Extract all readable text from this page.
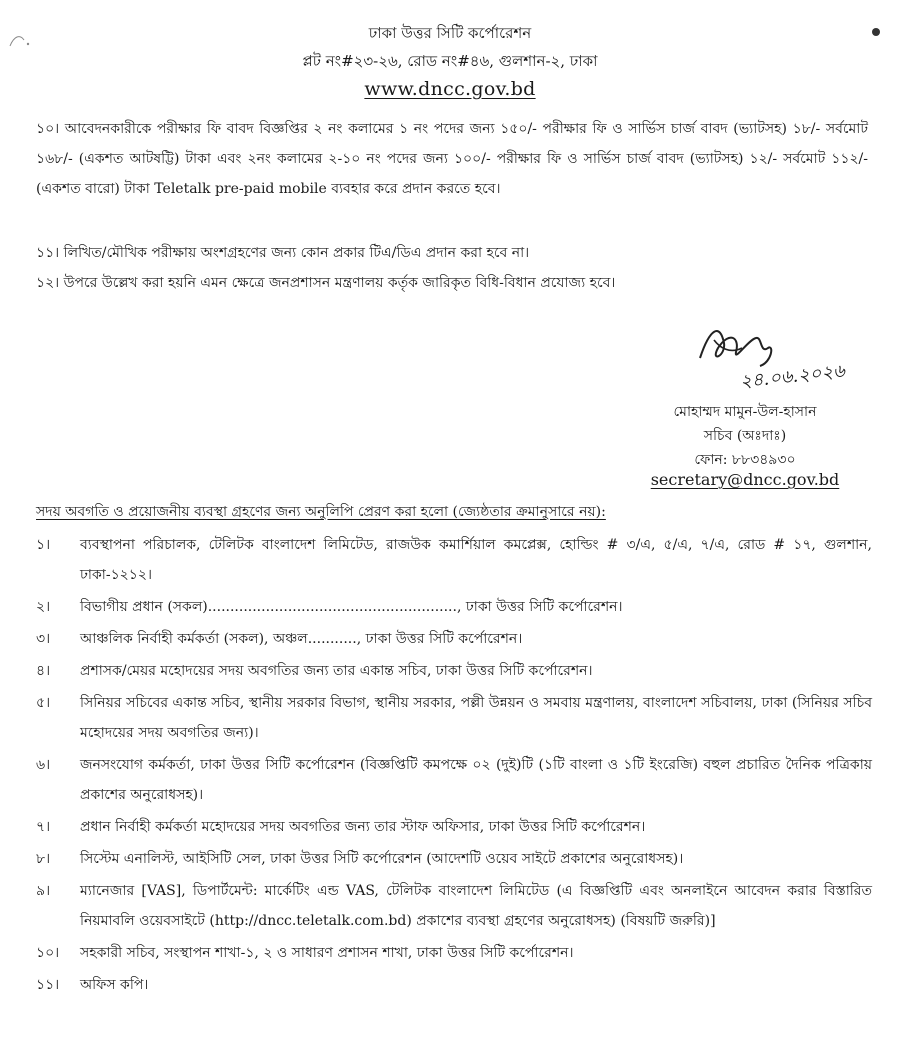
ঢাকা উত্তর সিটি কর্পোরেশন
প্লট নং#২৩-২৬, রোড নং#৪৬, গুলশান-২, ঢাকা
www.dncc.gov.bd
১০। আবেদনকারীকে পরীক্ষার ফি বাবদ বিজ্ঞপ্তির ২ নং কলামের ১ নং পদের জন্য ১৫০/- পরীক্ষার ফি ও সার্ভিস চার্জ বাবদ (ভ্যাটসহ) ১৮/- সর্বমোট ১৬৮/- (একশত আটষট্টি) টাকা এবং ২নং কলামের ২-১০ নং পদের জন্য ১০০/- পরীক্ষার ফি ও সার্ভিস চার্জ বাবদ (ভ্যাটসহ) ১২/- সর্বমোট ১১২/- (একশত বারো) টাকা Teletalk pre-paid mobile ব্যবহার করে প্রদান করতে হবে।
১১। লিখিত/মৌখিক পরীক্ষায় অংশগ্রহণের জন্য কোন প্রকার টিএ/ডিএ প্রদান করা হবে না।
১২। উপরে উল্লেখ করা হয়নি এমন ক্ষেত্রে জনপ্রশাসন মন্ত্রণালয় কর্তৃক জারিকৃত বিধি-বিধান প্রযোজ্য হবে।
২৪.০৬.২০২৬
মোহাম্মদ মামুন-উল-হাসান
সচিব (অঃদাঃ)
ফোন: ৮৮৩৪৯৩০
secretary@dncc.gov.bd
সদয় অবগতি ও প্রয়োজনীয় ব্যবস্থা গ্রহণের জন্য অনুলিপি প্রেরণ করা হলো (জ্যেষ্ঠতার ক্রমানুসারে নয়):
১।	ব্যবস্থাপনা পরিচালক, টেলিটক বাংলাদেশ লিমিটেড, রাজউক কমার্শিয়াল কমপ্লেক্স, হোল্ডিং # ৩/এ, ৫/এ, ৭/এ, রোড # ১৭, গুলশান, ঢাকা-১২১২।
২।	বিভাগীয় প্রধান (সকল)........................................................, ঢাকা উত্তর সিটি কর্পোরেশন।
৩।	আঞ্চলিক নির্বাহী কর্মকর্তা (সকল), অঞ্চল..........., ঢাকা উত্তর সিটি কর্পোরেশন।
৪।	প্রশাসক/মেয়র মহোদয়ের সদয় অবগতির জন্য তার একান্ত সচিব, ঢাকা উত্তর সিটি কর্পোরেশন।
৫।	সিনিয়র সচিবের একান্ত সচিব, স্থানীয় সরকার বিভাগ, স্থানীয় সরকার, পল্লী উন্নয়ন ও সমবায় মন্ত্রণালয়, বাংলাদেশ সচিবালয়, ঢাকা (সিনিয়র সচিব মহোদয়ের সদয় অবগতির জন্য)।
৬।	জনসংযোগ কর্মকর্তা, ঢাকা উত্তর সিটি কর্পোরেশন (বিজ্ঞপ্তিটি কমপক্ষে ০২ (দুই)টি (১টি বাংলা ও ১টি ইংরেজি) বহুল প্রচারিত দৈনিক পত্রিকায় প্রকাশের অনুরোধসহ)।
৭।	প্রধান নির্বাহী কর্মকর্তা মহোদয়ের সদয় অবগতির জন্য তার স্টাফ অফিসার, ঢাকা উত্তর সিটি কর্পোরেশন।
৮।	সিস্টেম এনালিস্ট, আইসিটি সেল, ঢাকা উত্তর সিটি কর্পোরেশন (আদেশটি ওয়েব সাইটে প্রকাশের অনুরোধসহ)।
৯।	ম্যানেজার [VAS], ডিপার্টমেন্ট: মার্কেটিং এন্ড VAS, টেলিটক বাংলাদেশ লিমিটেড (এ বিজ্ঞপ্তিটি এবং অনলাইনে আবেদন করার বিস্তারিত নিয়মাবলি ওয়েবসাইটে (http://dncc.teletalk.com.bd) প্রকাশের ব্যবস্থা গ্রহণের অনুরোধসহ) (বিষয়টি জরুরি)]
১০।	সহকারী সচিব, সংস্থাপন শাখা-১, ২ ও সাধারণ প্রশাসন শাখা, ঢাকা উত্তর সিটি কর্পোরেশন।
১১।	অফিস কপি।
